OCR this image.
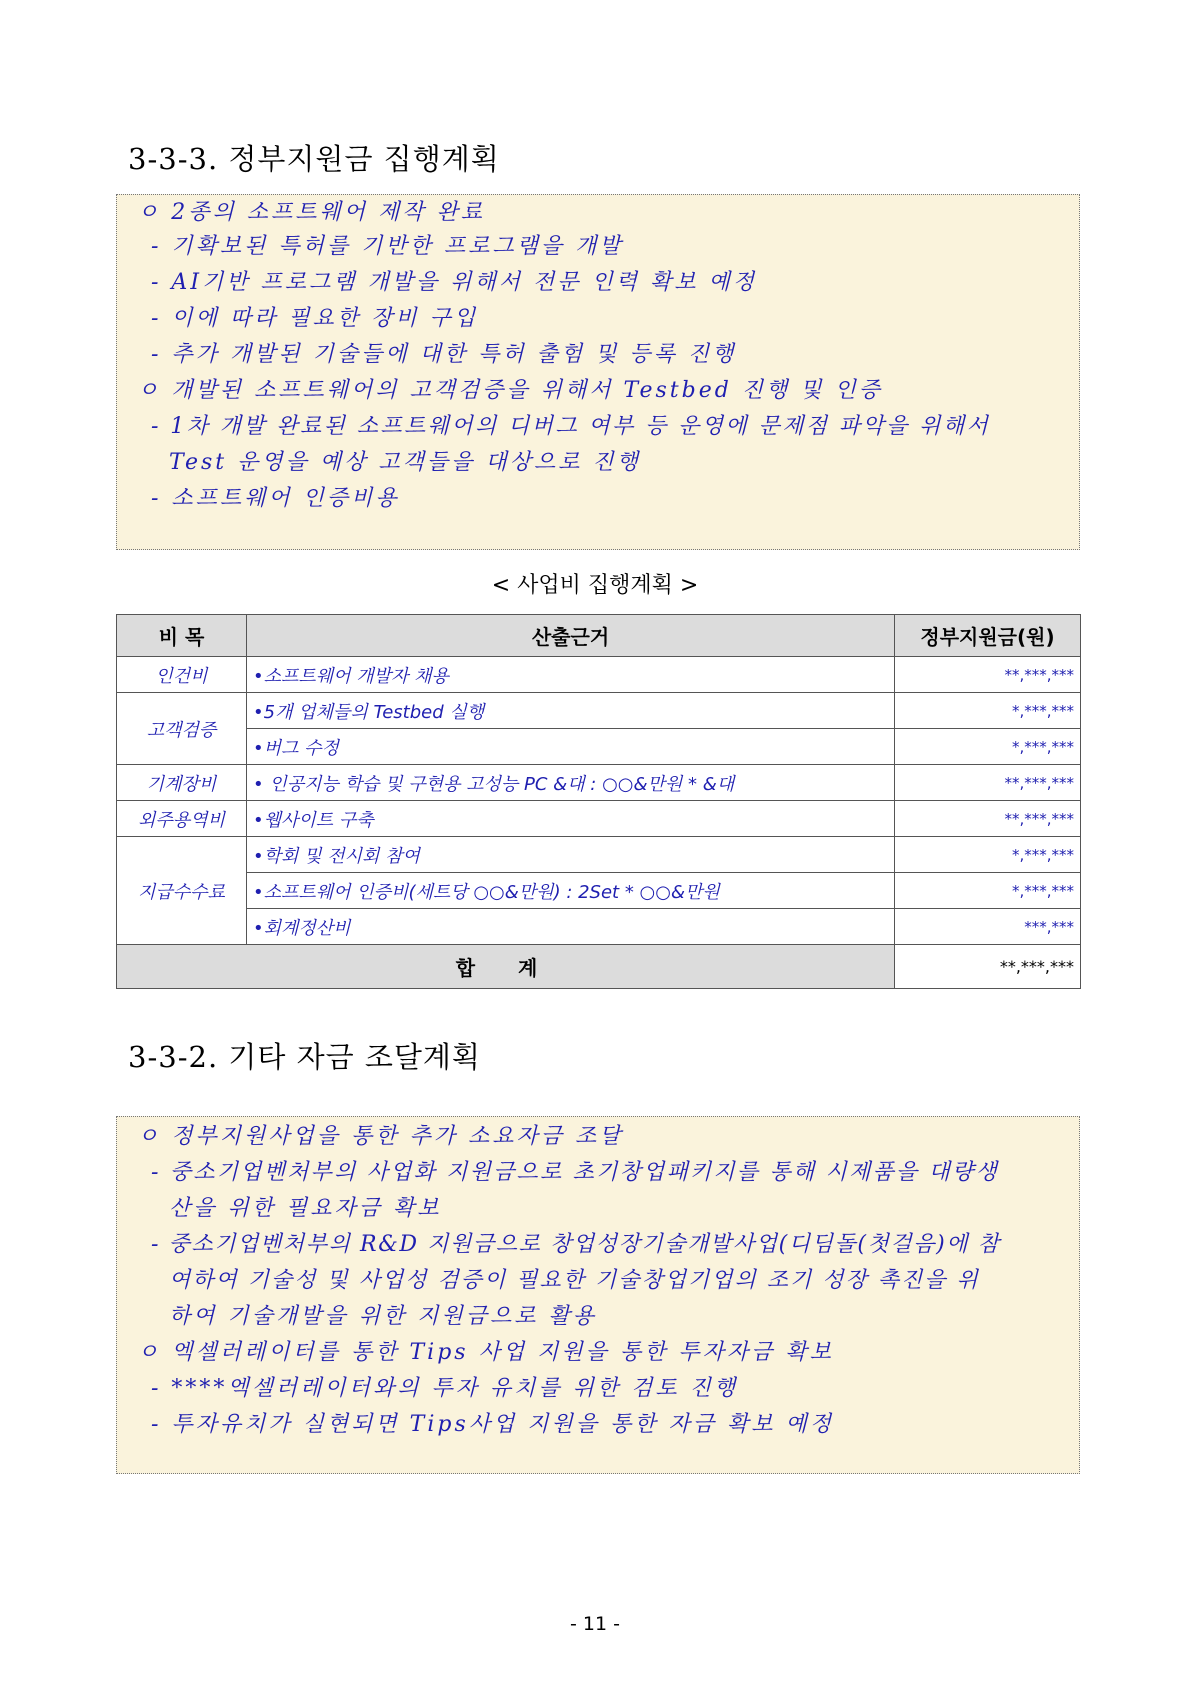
3-3-3. 정부지원금 집행계획
ㅇ 2종의 소프트웨어 제작 완료
- 기확보된 특허를 기반한 프로그램을 개발
- AI기반 프로그램 개발을 위해서 전문 인력 확보 예정
- 이에 따라 필요한 장비 구입
- 추가 개발된 기술들에 대한 특허 출험 및 등록 진행
ㅇ 개발된 소프트웨어의 고객검증을 위해서 Testbed 진행 및 인증
- 1차 개발 완료된 소프트웨어의 디버그 여부 등 운영에 문제점 파악을 위해서
Test 운영을 예상 고객들을 대상으로 진행
- 소프트웨어 인증비용
< 사업비 집행계획 >
비 목	산출근거	정부지원금(원)
인건비	•소프트웨어 개발자 채용	**,***,***
고객검증	•5개 업체들의 Testbed 실행	*,***,***
	•버그 수정	*,***,***
기계장비	• 인공지능 학습 및 구현용 고성능 PC &대 : ○○&만원 * &대	**,***,***
외주용역비	•웹사이트 구축	**,***,***
지급수수료	•학회 및 전시회 참여	*,***,***
	•소프트웨어 인증비(세트당 ○○&만원) : 2Set * ○○&만원	*,***,***
	•회계정산비	***,***
합 계		**,***,***
3-3-2. 기타 자금 조달계획
ㅇ 정부지원사업을 통한 추가 소요자금 조달
- 중소기업벤처부의 사업화 지원금으로 초기창업패키지를 통해 시제품을 대량생
산을 위한 필요자금 확보
- 중소기업벤처부의 R&D 지원금으로 창업성장기술개발사업(디딤돌(첫걸음)에 참
여하여 기술성 및 사업성 검증이 필요한 기술창업기업의 조기 성장 촉진을 위
하여 기술개발을 위한 지원금으로 활용
ㅇ 엑셀러레이터를 통한 Tips 사업 지원을 통한 투자자금 확보
- ****엑셀러레이터와의 투자 유치를 위한 검토 진행
- 투자유치가 실현되면 Tips사업 지원을 통한 자금 확보 예정
- 11 -
